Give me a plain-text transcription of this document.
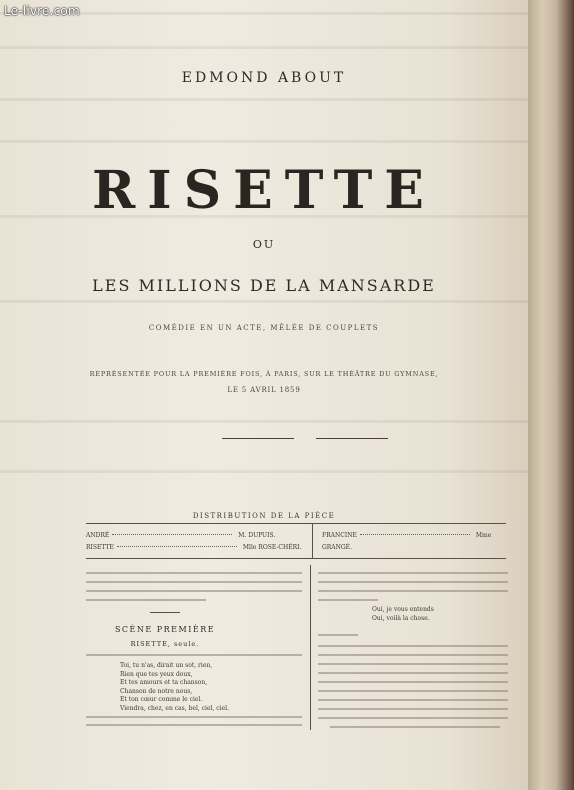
EDMOND ABOUT
RISETTE
OU
LES MILLIONS DE LA MANSARDE
COMÉDIE EN UN ACTE, MÊLÉE DE COUPLETS
REPRÉSENTÉE POUR LA PREMIÈRE FOIS, À PARIS, SUR LE THÉÂTRE DU GYMNASE,
LE 5 AVRIL 1859
DISTRIBUTION DE LA PIÈCE
ANDRÉ	M. DUPUIS.
RISETTE	Mlle ROSE-CHÉRI.
FRANCINE	Mme GRANGÉ.
SCÈNE PREMIÈRE
RISETTE, seule.
Toi, tu n'as, dirait un sot, rien,
Rien que tes yeux doux,
Et tes amours et ta chanson,
Chanson de notre nous,
Et ton cœur comme le ciel.
Viendra, chez, en cas, bel, ciel, ciel.
Oui, je vous entends
Oui, voilà la chose.
Le-livre.com
